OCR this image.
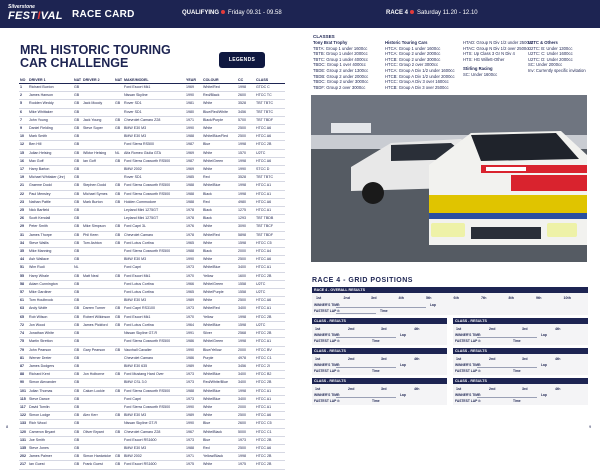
Silverstone
FESTIVAL RACE CARD	QUALIFYING Friday 09.31 - 09.58	RACE 4 Saturday 11.20 - 12.10
MRL HISTORIC TOURING
CAR CHALLENGE	LEGENDS
NO	DRIVER 1	NAT	DRIVER 2	NAT	MAKE/MODEL	YEAR	COLOUR	CC	CLASS
1	Richard Buxton	GB			Ford Escort Mk1	1969	White/Red	1998	GTDC C
2	James Hanson	GB			Nissan Skyline	1990	Red/Black	2600	HTCC TC
5	Rodden Weddy	GB	Jack Moody	GB	Rover SD1	1981	White	3528	TBT TBTC
6	Mike Whittaker	GB			Rover SD1	1980	Blue/Red/White	3456	TBT TBTC
7	John Young	GB	Jack Young	GB	Chevrolet Camaro Z28	1971	Black/Purple	5700	TBT TBDF
9	Daniel Fielding	GB	Steve Soper	GB	BMW E30 M3	1990	White	2500	HTCC A6
10	Mark Smith	GB			BMW E30 M3	1988	White/Blue/Red	2500	HTCC A6
12	Ben Hill	GB			Ford Sierra RS500	1987	Blue	1998	HTCC 2B
15	Julian Helsing	GB	Wiktor Helsing	NL	Alfa Romeo Giulia GTA	1969	White	1570	U2TC
16	Max Goff	GB	Ian Goff	GB	Ford Sierra Cosworth RS500	1987	White/Green	1998	HTCC A6
17	Harry Barton	GB			BMW 2002	1969	White	1990	STCC D
19	Michael Whitaker (Jnr)	GB			Rover SD1	1985	Red	3528	TBT TBTC
21	Graeme Dodd	GB	Stephen Dodd	GB	Ford Sierra Cosworth RS500	1988	White/Blue	1998	HTCC A1
22	Paul Mensley	GB	Michael Symes	GB	Ford Sierra Cosworth RS500	1988	Black	1998	HTCC A1
23	Nathan Pattle	GB	Mark Burton	GB	Holden Commodore	1988	Red	4980	HTCC A6
25	Nick Barfield	GB			Leyland Mini 1275GT	1978	Black	1275	HTCC A1
26	Scott Kendall	GB			Leyland Mini 1275GT	1978	Black	1293	TBT TBDB
29	Peter Smith	GB	Mike Simpson	GB	Ford Capri 3L	1976	White	3090	TBT TBCF
31	James Thorpe	GB	Phil Keen	GB	Chevrolet Camaro	1978	White/Red	5898	TBT TBDF
34	Steve Wallis	GB	Tom Ashton	GB	Ford Lotus Cortina	1965	White	1598	HTCC C5
35	Mike Manning	GB			Ford Sierra Cosworth RS500	1988	Black	2000	HTCC A4
44	Ash Wallace	GB			BMW E30 M3	1990	White	2500	HTCC A6
51	Wim Rudi	NL			Ford Capri	1973	White/Blue	3400	HTCC A1
55	Harry Whale	GB	Matt Neal	GB	Ford Escort Mk1	1970	Yellow	1600	HTCC 2B
58	Adam Cunnington	GB			Ford Lotus Cortina	1966	White/Green	1558	U2TC
57	Mike Gardiner	GB			Ford Lotus Cortina	1965	White/Purple	1558	U2TC
61	Tom Houlbrook	GB			BMW E30 M3	1989	White	2500	HTCC A6
63	Andy Wolfe	GB	Darren Turner	GB	Ford Capri RS3100	1973	White/Red	3400	HTCC A1
65	Rob Wilson	GB	Robert Wilkinson	GB	Ford Escort Mk1	1970	Yellow	1998	HTCC 2B
72	Jon Wood	GB	James Pickford	GB	Ford Lotus Cortina	1964	White/Blue	1598	U2TC
74	Jonathan White	GB			Nissan Skyline GT-R	1991	Silver	2568	HTCC 2B
75	Martin Stretton	GB			Ford Sierra Cosworth RS500	1986	White/Green	1998	HTCC A1
79	John Pearson	GB	Gary Pearson	GB	Vauxhall Cavalier	1990	Blue/Yellow	2000	HTCC BV
81	Werner Dreier	GB			Chevrolet Camaro	1986	Purple	4978	HTCC C1
87	James Dodgers	GB			BMW E30 635	1989	White	3456	HTCC 2I
88	Richard Kent	GB	Jon Holborne	GB	Ford Mustang Hard Over	1973	White/Blue	3400	HTCC B2
90	Simon Alexander	GB			BMW CSL 3.0	1973	Red/White/Blue	3400	HTCC 2B
101	Julian Thomas	GB	Calum Lockie	GB	Ford Sierra Cosworth RS500	1988	White/Blue	1998	HTCC A1
115	Steve Dance	GB			Ford Capri	1973	White/Blue	3400	HTCC A1
117	David Tomlin	GB			Ford Sierra Cosworth RS500	1990	White	2000	HTCC A1
122	Simon Lodge	GB	Alex Kerr	GB	BMW E30 M3	1989	White	2500	HTCC A6
133	Rich Wood	GB			Nissan Skyline GT-R	1990	Blue	2600	HTCC C5
120	Cameron Bryant	GB	Oliver Bryant	GB	Chevrolet Camaro Z28	1967	White/Black	5000	HTCC C1
131	Joe Smith	GB			Ford Escort RS1600	1973	Blue	1973	HTCC 2B
135	Steve Jones	GB			BMW E30 M3	1988	Red	2500	HTCC A6
202	James Palmer	GB	Simon Hardwicke	GB	BMW 2002	1971	Yellow/Black	1998	HTCC 2B
217	Ian Guest	GB	Frank Guest	GB	Ford Escort RS1600	1975	White	1975	HTCC 2B
CLASSES
Tony Brat Trophy
TBTA: Group 1 under 1600cc
TBTB: Group 1 under 2000cc
TBTC: Group 1 under 4000cc
TBDC: Group 1 over 4000cc
TBDE: Group 2 under 1300cc
TBDB: Group 2 under 2000cc
TBDC: Group 2 under 3000cc
TBDF: Group 2 over 3000cc
Historic Touring Cars
HTCA: Group 1 under 1600cc
HTCA: Group 2 under 2000cc
HTCB: Group 2 under 3000cc
HTCC: Group 2 over 3000cc
HTCA: Group A Div 1/2 under 1600cc
HTCB: Group A Div 1/2 under 2000cc
HTCC: Group A Div 3 over 1600cc
HTCB: Group A Div 3 over 2500cc
HTAD: Group N Div 1/2 under 2500cc
HTAC: Group N Div 1/2 over 2500cc
HTS: Up Class 3 Gr N Div 4
HTS: HG Willett-Other
Stirling Racing
SC: Under 1600cc
U2TC & Others
U2TC: B: Under 1300cc
U2TC: C: Under 1600cc
U2TC: D: Under 2000cc
SC: Under 2000cc
Inv: Currently specific invitation
RACE 4 - GRID POSITIONS
RACE 4 - OVERALL RESULTS
1st	2nd	3rd	4th	5th	6th	7th	8th	9th	10th
WINNER'S TIME:	Lap
FASTEST LAP #:	Time
CLASS - RESULTS
1st	2nd	3rd	4th
WINNER'S TIME:	Lap
FASTEST LAP #:	Time
CLASS - RESULTS
1st	2nd	3rd	4th
WINNER'S TIME:	Lap
FASTEST LAP #:	Time
CLASS - RESULTS
1st	2nd	3rd	4th
WINNER'S TIME:	Lap
FASTEST LAP #:	Time
CLASS - RESULTS
1st	2nd	3rd	4th
WINNER'S TIME:	Lap
FASTEST LAP #:	Time
CLASS - RESULTS
1st	2nd	3rd	4th
WINNER'S TIME:	Lap
FASTEST LAP #:	Time
CLASS - RESULTS
1st	2nd	3rd	4th
WINNER'S TIME:	Lap
FASTEST LAP #:	Time
8	9
